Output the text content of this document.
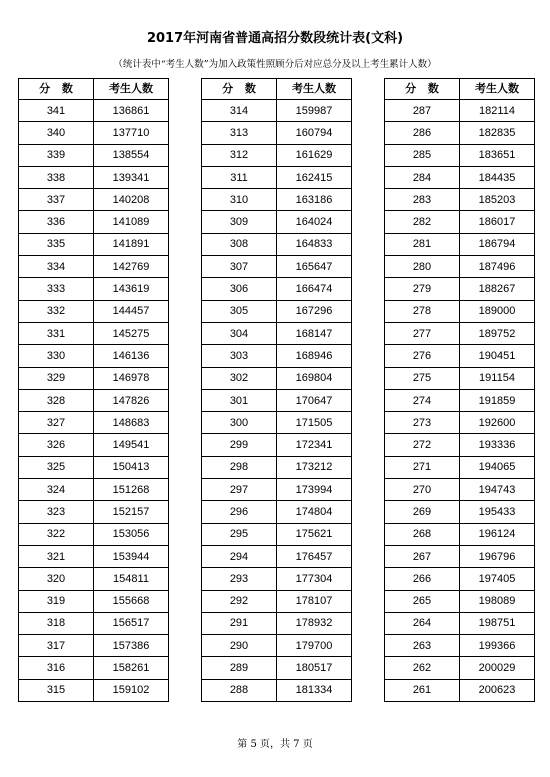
2017年河南省普通高招分数段统计表(文科)
（统计表中“考生人数”为加入政策性照顾分后对应总分及以上考生累计人数）
分 数	考生人数
341	136861
340	137710
339	138554
338	139341
337	140208
336	141089
335	141891
334	142769
333	143619
332	144457
331	145275
330	146136
329	146978
328	147826
327	148683
326	149541
325	150413
324	151268
323	152157
322	153056
321	153944
320	154811
319	155668
318	156517
317	157386
316	158261
315	159102
分 数	考生人数
314	159987
313	160794
312	161629
311	162415
310	163186
309	164024
308	164833
307	165647
306	166474
305	167296
304	168147
303	168946
302	169804
301	170647
300	171505
299	172341
298	173212
297	173994
296	174804
295	175621
294	176457
293	177304
292	178107
291	178932
290	179700
289	180517
288	181334
分 数	考生人数
287	182114
286	182835
285	183651
284	184435
283	185203
282	186017
281	186794
280	187496
279	188267
278	189000
277	189752
276	190451
275	191154
274	191859
273	192600
272	193336
271	194065
270	194743
269	195433
268	196124
267	196796
266	197405
265	198089
264	198751
263	199366
262	200029
261	200623
第 5 页，共 7 页
